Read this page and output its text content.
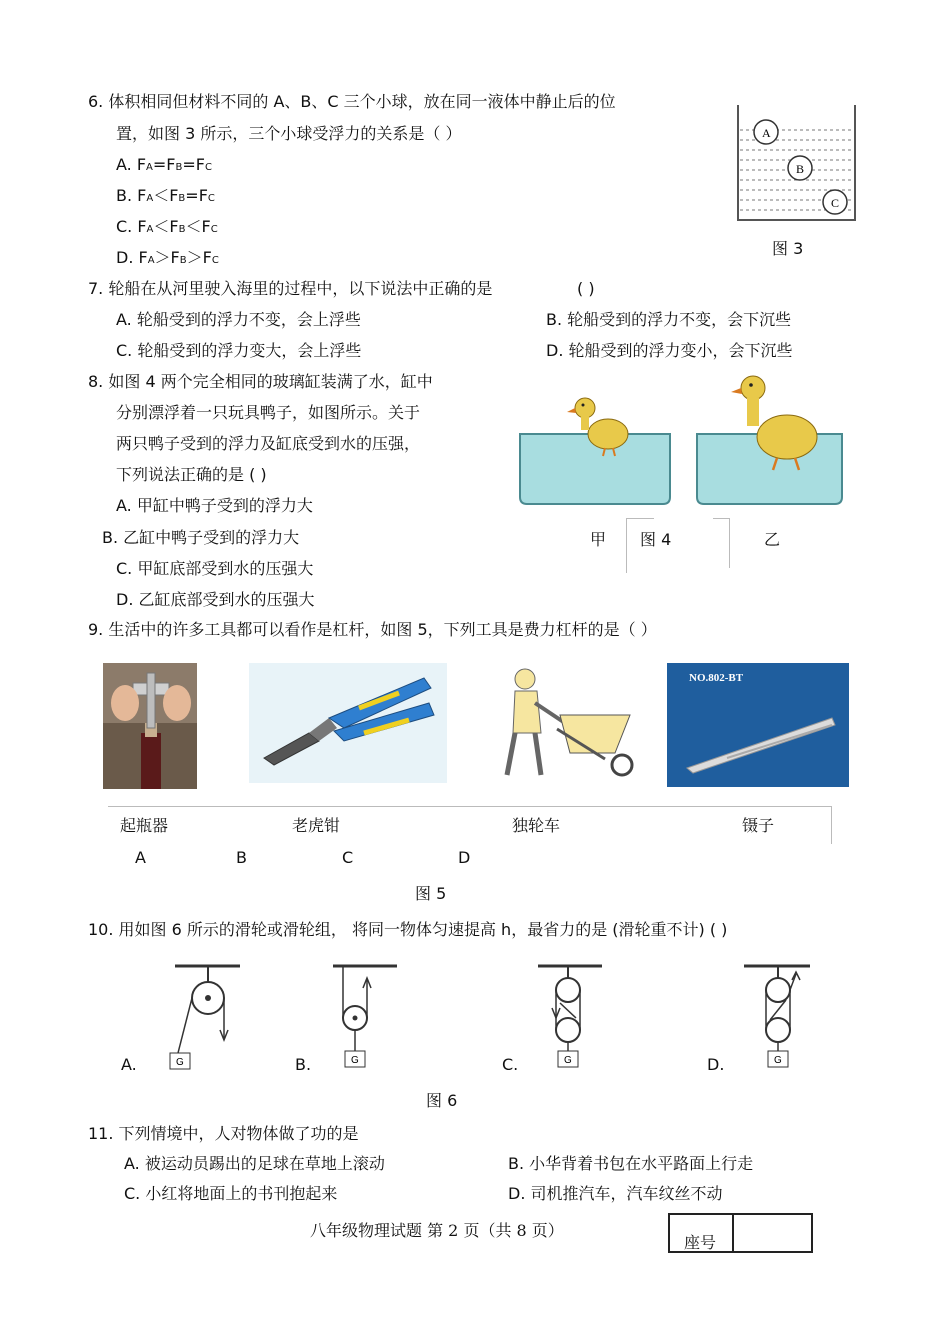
6. 体积相同但材料不同的 A、B、C 三个小球，放在同一液体中静止后的位
置，如图 3 所示，三个小球受浮力的关系是（ ）
A. FA=FB=FC
B. FA＜FB=FC
C. FA＜FB＜FC
D. FA＞FB＞FC
A
B
C
图 3
7. 轮船在从河里驶入海里的过程中，以下说法中正确的是	( )
A. 轮船受到的浮力不变，会上浮些	B. 轮船受到的浮力不变，会下沉些
C. 轮船受到的浮力变大，会上浮些	D. 轮船受到的浮力变小，会下沉些
8. 如图 4 两个完全相同的玻璃缸装满了水，缸中
分别漂浮着一只玩具鸭子，如图所示。关于
两只鸭子受到的浮力及缸底受到水的压强，
下列说法正确的是 ( )
A. 甲缸中鸭子受到的浮力大
B. 乙缸中鸭子受到的浮力大
C. 甲缸底部受到水的压强大
D. 乙缸底部受到水的压强大
甲 图 4	乙
9. 生活中的许多工具都可以看作是杠杆，如图 5，下列工具是费力杠杆的是（ ）
NO.802-BT
起瓶器	老虎钳	独轮车	镊子
A	B	C	D
图 5
10. 用如图 6 所示的滑轮或滑轮组， 将同一物体匀速提高 h，最省力的是 (滑轮重不计) ( )
G
A.	G
B.	G
C.	G
D.
图 6
11. 下列情境中，人对物体做了功的是
A. 被运动员踢出的足球在草地上滚动	B. 小华背着书包在水平路面上行走
C. 小红将地面上的书刊抱起来	D. 司机推汽车，汽车纹丝不动
八年级物理试题 第 2 页（共 8 页）
座号
